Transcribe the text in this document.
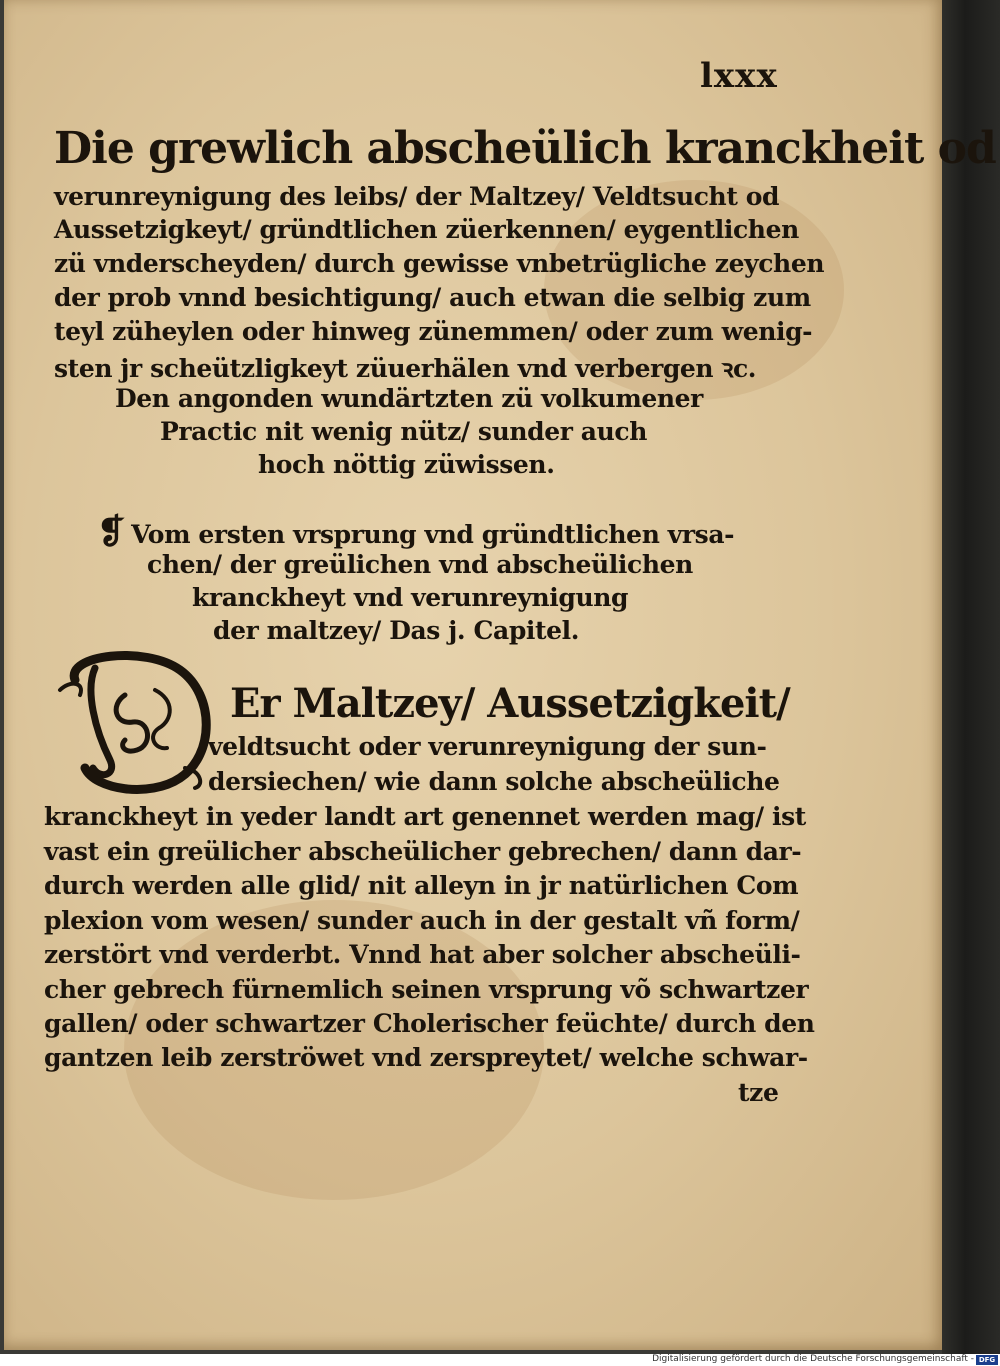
lxxx
Die grewlich abscheülich kranckheit od
verunreynigung des leibs/ der Maltzey/ Veldtsucht od
Aussetzigkeyt/ gründtlichen züerkennen/ eygentlichen
zü vnderscheyden/ durch gewisse vnbetrügliche zeychen
der prob vnnd besichtigung/ auch etwan die selbig zum
teyl züheylen oder hinweg zünemmen/ oder zum wenig-
sten jr scheützligkeyt züuerhälen vnd verbergen ꝛc.
Den angonden wundärtzten zü volkumener
Practic nit wenig nütz/ sunder auch
hoch nöttig züwissen.
❡ Vom ersten vrsprung vnd gründtlichen vrsa-
chen/ der greülichen vnd abscheülichen
kranckheyt vnd verunreynigung
der maltzey/ Das j. Capitel.
Er Maltzey/ Aussetzigkeit/
veldtsucht oder verunreynigung der sun-
dersiechen/ wie dann solche abscheüliche
kranckheyt in yeder landt art genennet werden mag/ ist
vast ein greülicher abscheülicher gebrechen/ dann dar-
durch werden alle glid/ nit alleyn in jr natürlichen Com
plexion vom wesen/ sunder auch in der gestalt vñ form/
zerstört vnd verderbt. Vnnd hat aber solcher abscheüli-
cher gebrech fürnemlich seinen vrsprung võ schwartzer
gallen/ oder schwartzer Cholerischer feüchte/ durch den
gantzen leib zerströwet vnd zerspreytet/ welche schwar-
tze
Digitalisierung gefördert durch die Deutsche Forschungsgemeinschaft - DFG
